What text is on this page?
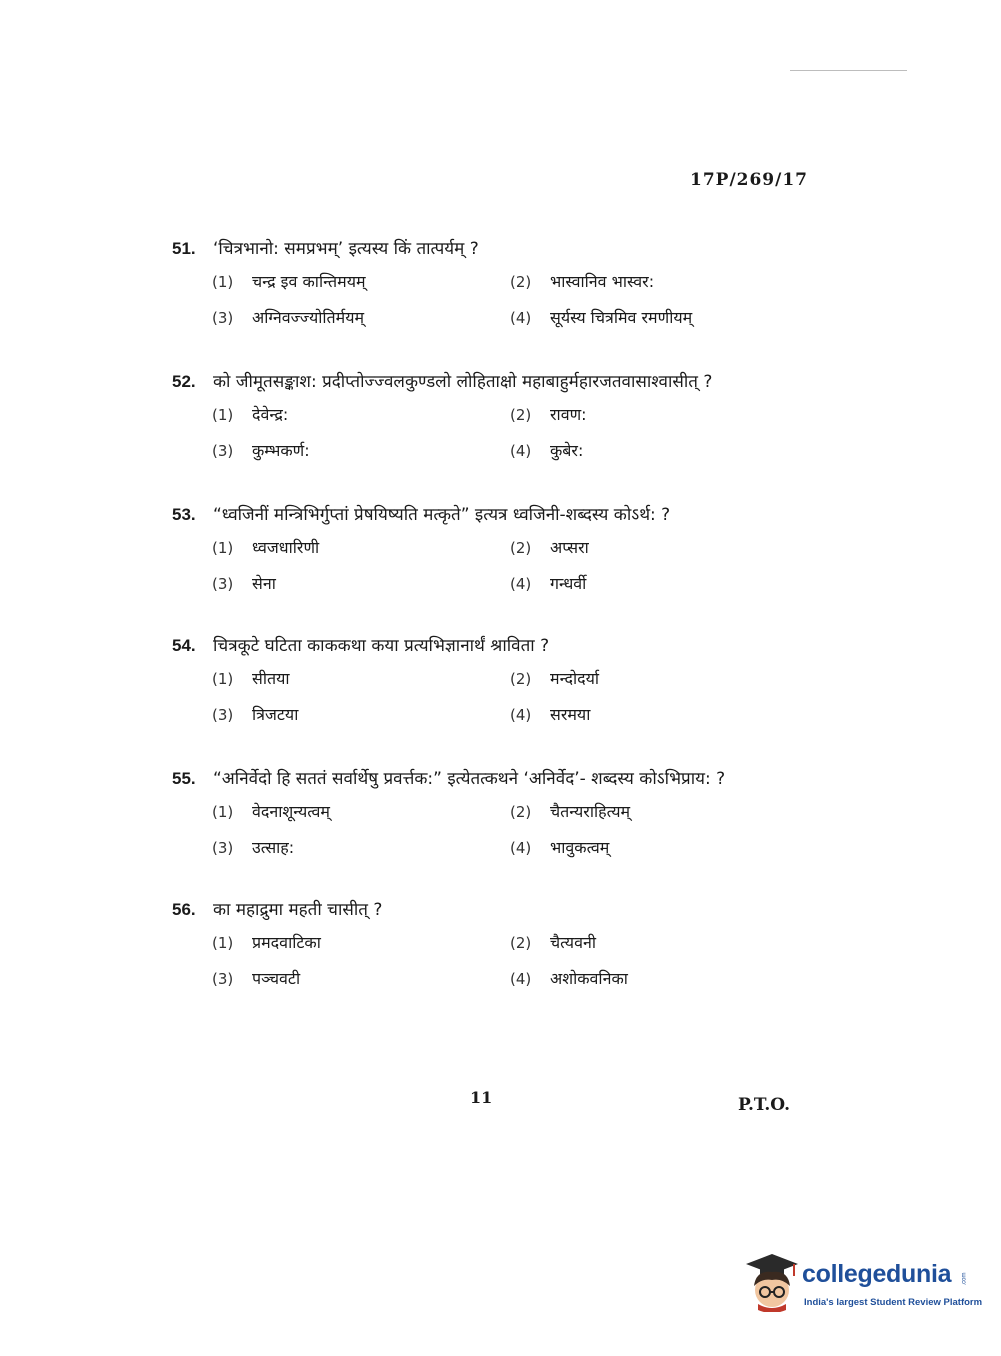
17P/269/17
51.	‘चित्रभानो: समप्रभम्’ इत्यस्य किं तात्पर्यम् ?
(1)	चन्द्र इव कान्तिमयम्	(2)	भास्वानिव भास्वर:
(3)	अग्निवज्ज्योतिर्मयम्	(4)	सूर्यस्य चित्रमिव रमणीयम्
52.	को जीमूतसङ्काश: प्रदीप्तोज्ज्वलकुण्डलो लोहिताक्षो महाबाहुर्महारजतवासाश्वासीत् ?
(1)	देवेन्द्र:	(2)	रावण:
(3)	कुम्भकर्ण:	(4)	कुबेर:
53.	“ध्वजिनीं मन्त्रिभिर्गुप्तां प्रेषयिष्यति मत्कृते” इत्यत्र ध्वजिनी-शब्दस्य कोऽर्थ: ?
(1)	ध्वजधारिणी	(2)	अप्सरा
(3)	सेना	(4)	गन्धर्वी
54.	चित्रकूटे घटिता काककथा कया प्रत्यभिज्ञानार्थं श्राविता ?
(1)	सीतया	(2)	मन्दोदर्या
(3)	त्रिजटया	(4)	सरमया
55.	“अनिर्वेदो हि सततं सर्वार्थेषु प्रवर्त्तक:” इत्येतत्कथने ‘अनिर्वेद’- शब्दस्य कोऽभिप्राय: ?
(1)	वेदनाशून्यत्वम्	(2)	चैतन्यराहित्यम्
(3)	उत्साह:	(4)	भावुकत्वम्
56.	का महाद्रुमा महती चासीत् ?
(1)	प्रमदवाटिका	(2)	चैत्यवनी
(3)	पञ्चवटी	(4)	अशोकवनिका
11	P.T.O.
collegedunia .com
India's largest Student Review Platform
